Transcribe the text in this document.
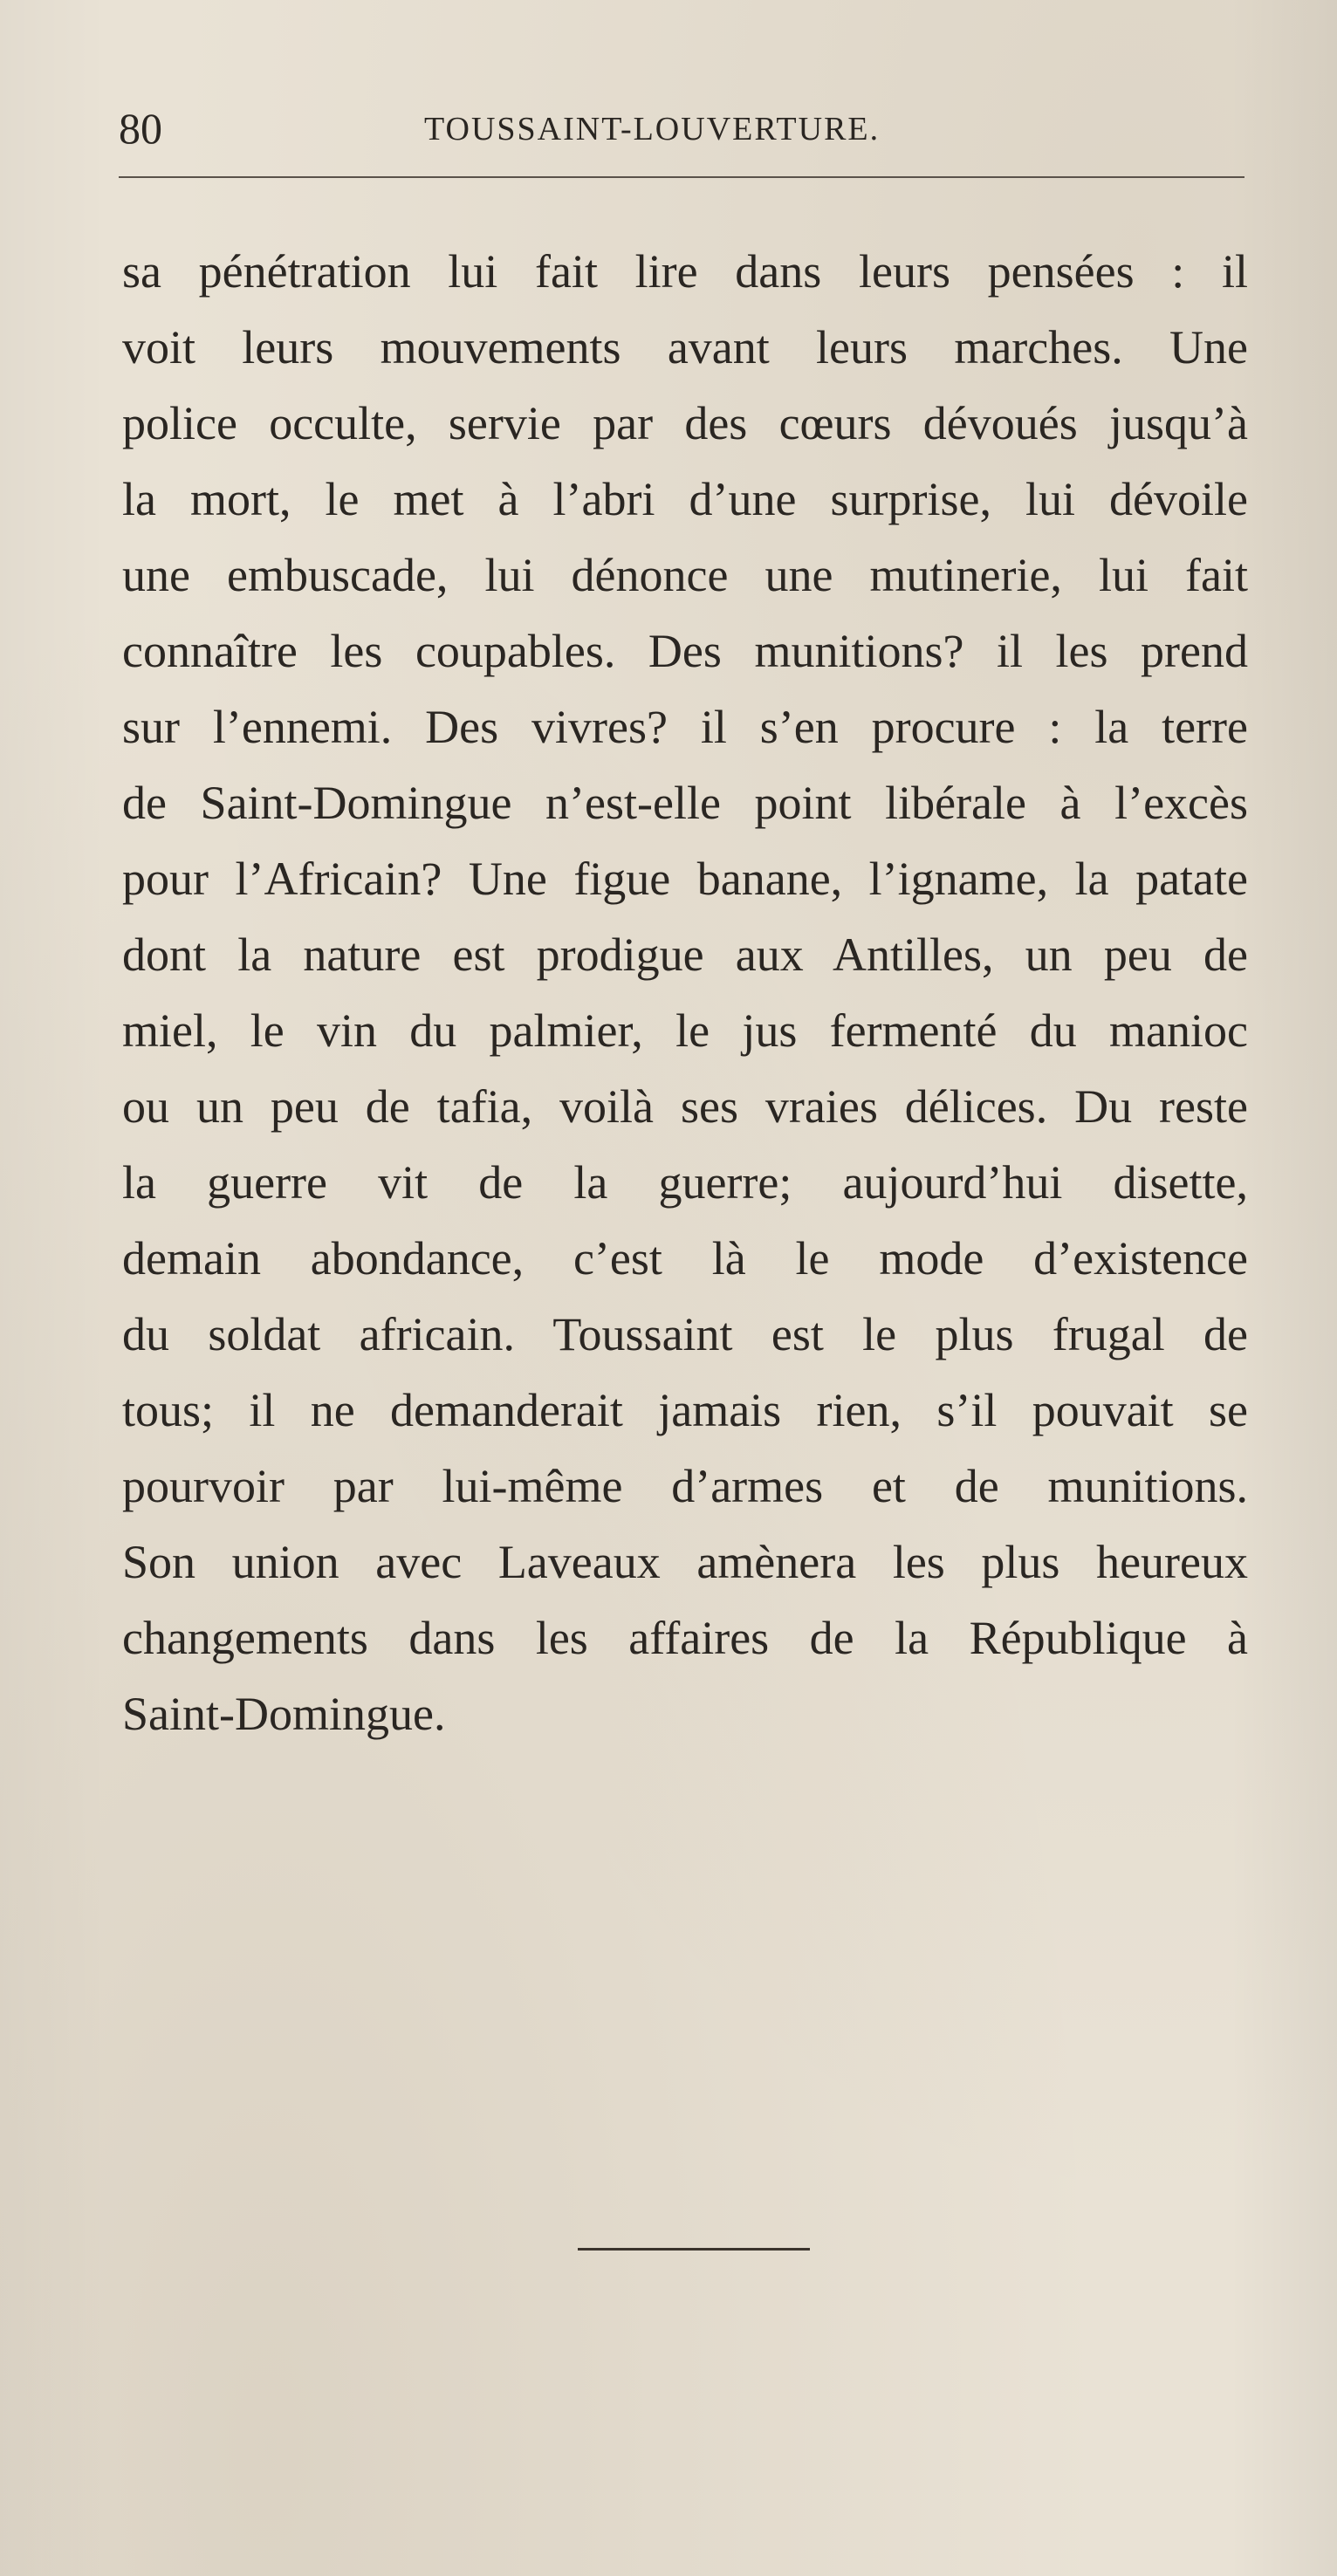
80	TOUSSAINT-LOUVERTURE.
sa pénétration lui fait lire dans leurs pensées : il
voit leurs mouvements avant leurs marches. Une
police occulte, servie par des cœurs dévoués jusqu’à
la mort, le met à l’abri d’une surprise, lui dévoile
une embuscade, lui dénonce une mutinerie, lui fait
connaître les coupables. Des munitions? il les prend
sur l’ennemi. Des vivres? il s’en procure : la terre
de Saint-Domingue n’est-elle point libérale à l’excès
pour l’Africain? Une figue banane, l’igname, la patate
dont la nature est prodigue aux Antilles, un peu de
miel, le vin du palmier, le jus fermenté du manioc
ou un peu de tafia, voilà ses vraies délices. Du reste
la guerre vit de la guerre; aujourd’hui disette,
demain abondance, c’est là le mode d’existence
du soldat africain. Toussaint est le plus frugal de
tous; il ne demanderait jamais rien, s’il pouvait se
pourvoir par lui-même d’armes et de munitions.
Son union avec Laveaux amènera les plus heureux
changements dans les affaires de la République à
Saint-Domingue.
